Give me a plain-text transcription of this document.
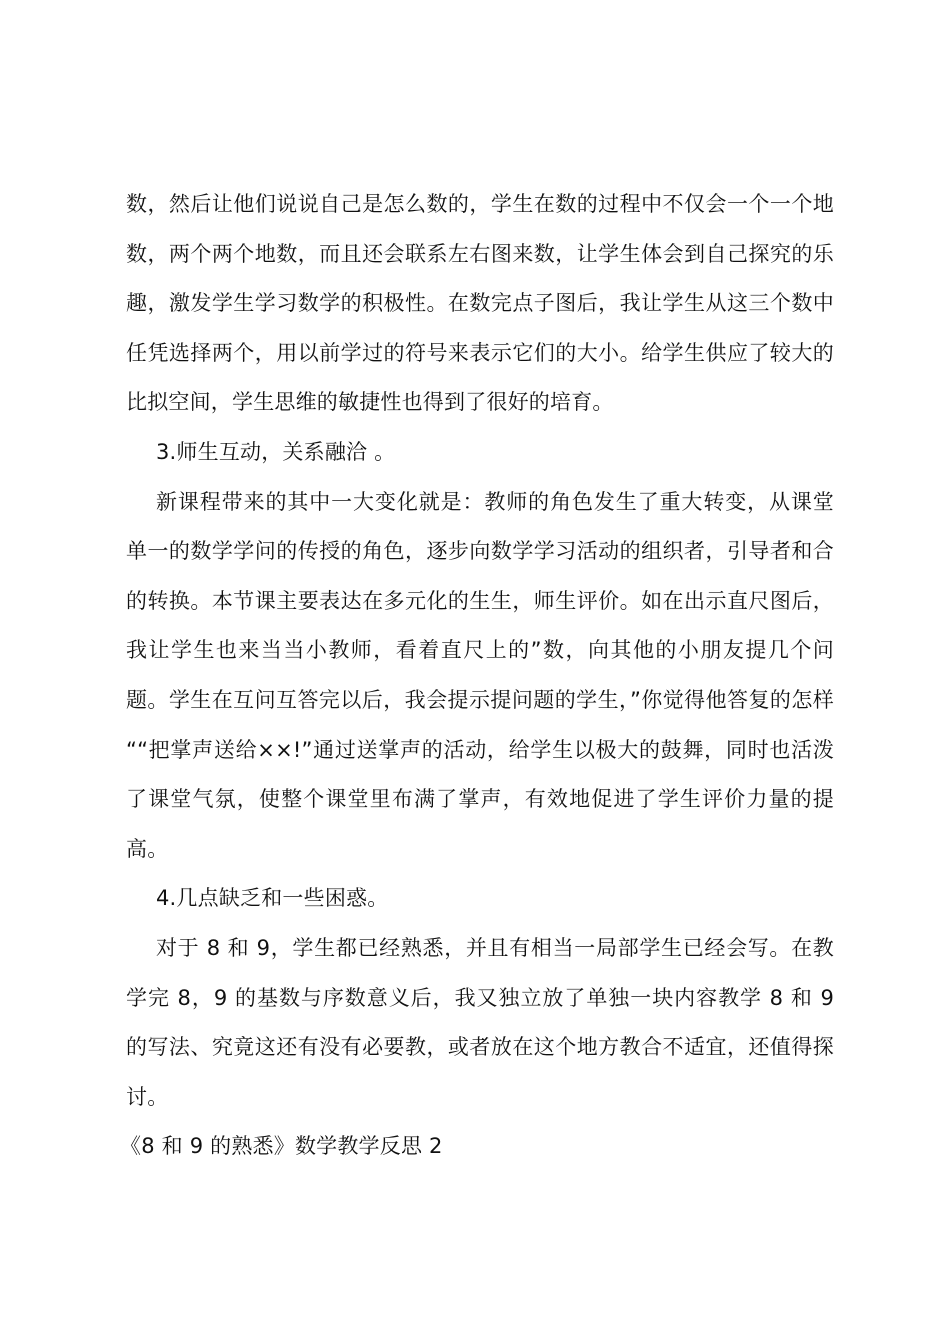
数，然后让他们说说自己是怎么数的，学生在数的过程中不仅会一个一个地数，两个两个地数，而且还会联系左右图来数，让学生体会到自己探究的乐趣，激发学生学习数学的积极性。在数完点子图后，我让学生从这三个数中任凭选择两个，用以前学过的符号来表示它们的大小。给学生供应了较大的比拟空间，学生思维的敏捷性也得到了很好的培育。

3.师生互动，关系融洽 。

新课程带来的其中一大变化就是：教师的角色发生了重大转变，从课堂单一的数学学问的传授的角色，逐步向数学学习活动的组织者，引导者和合的转换。本节课主要表达在多元化的生生，师生评价。如在出示直尺图后，我让学生也来当当小教师，看着直尺上的”数，向其他的小朋友提几个问题。学生在互问互答完以后，我会提示提问题的学生，”你觉得他答复的怎样 ““把掌声送给××!”通过送掌声的活动，给学生以极大的鼓舞，同时也活泼了课堂气氛，使整个课堂里布满了掌声，有效地促进了学生评价力量的提高。

4.几点缺乏和一些困惑。

对于 8 和 9，学生都已经熟悉，并且有相当一局部学生已经会写。在教学完 8，9 的基数与序数意义后，我又独立放了单独一块内容教学 8 和 9 的写法、究竟这还有没有必要教，或者放在这个地方教合不适宜，还值得探讨。

《8 和 9 的熟悉》数学教学反思 2
